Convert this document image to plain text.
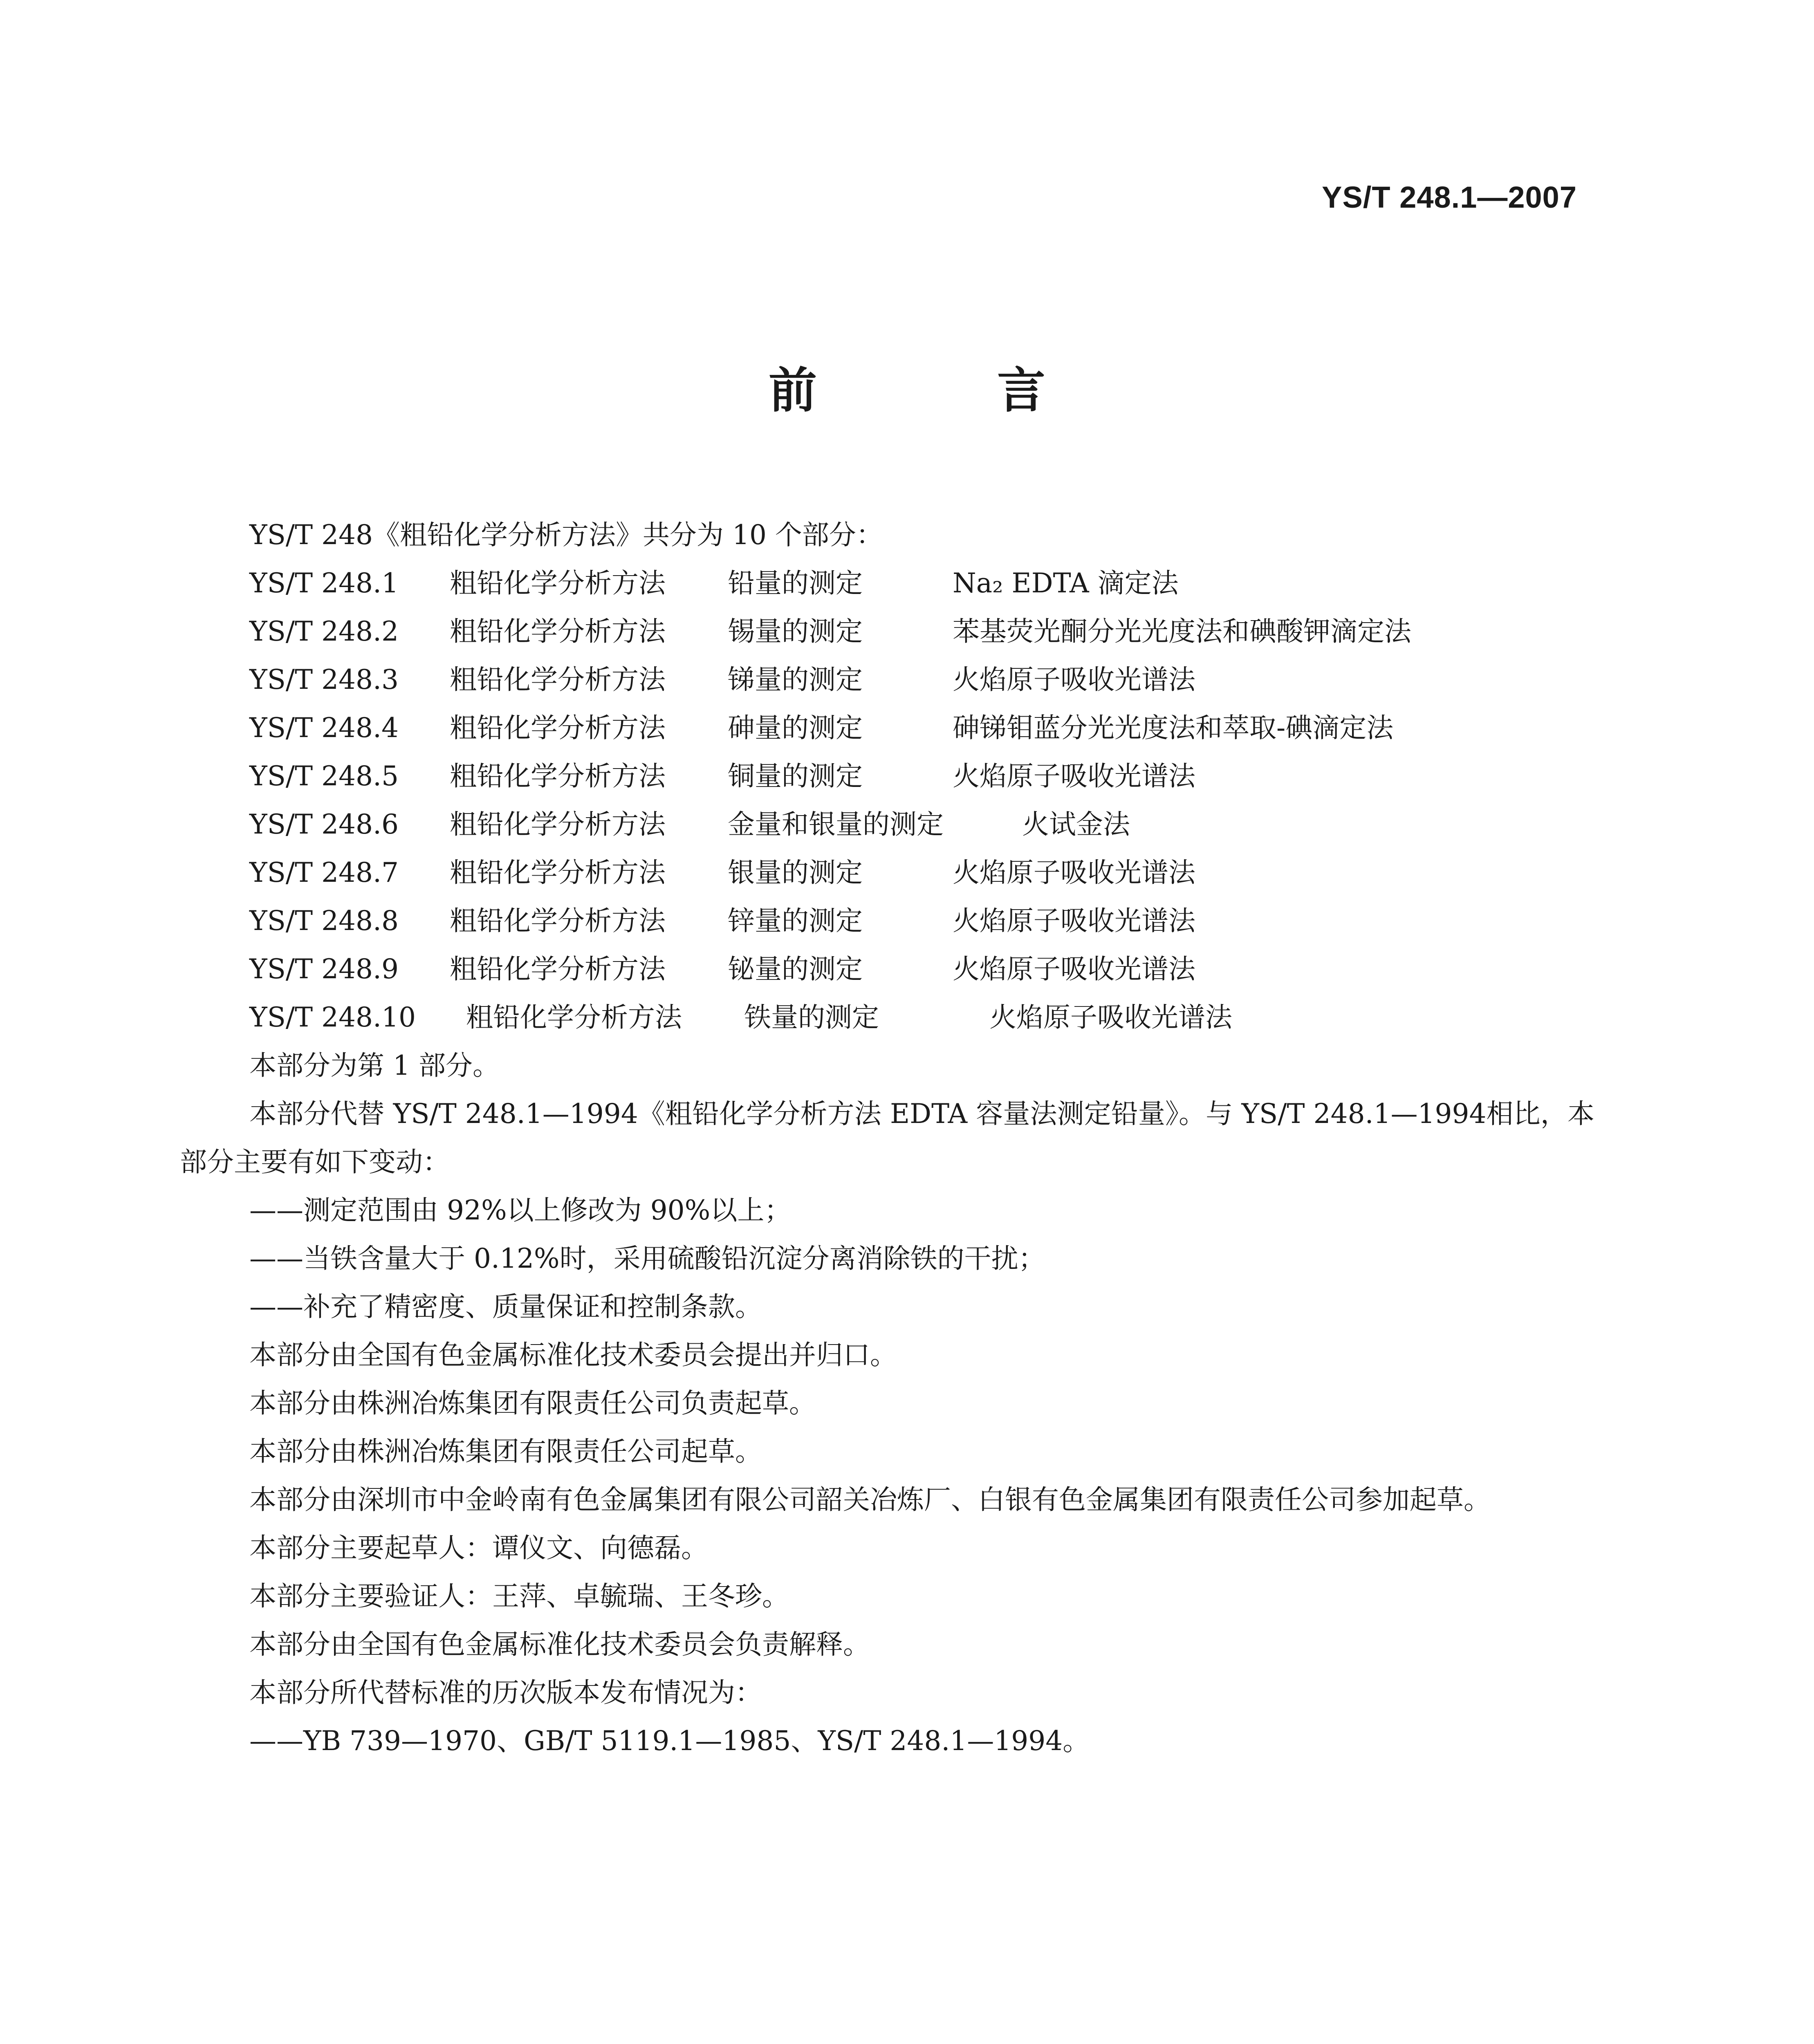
YS/T 248.1—2007
前 言

YS/T 248《粗铅化学分析方法》共分为 10 个部分：

YS/T 248.1	粗铅化学分析方法	铅量的测定	Na₂ EDTA 滴定法
YS/T 248.2	粗铅化学分析方法	锡量的测定	苯基荧光酮分光光度法和碘酸钾滴定法
YS/T 248.3	粗铅化学分析方法	锑量的测定	火焰原子吸收光谱法
YS/T 248.4	粗铅化学分析方法	砷量的测定	砷锑钼蓝分光光度法和萃取-碘滴定法
YS/T 248.5	粗铅化学分析方法	铜量的测定	火焰原子吸收光谱法
YS/T 248.6	粗铅化学分析方法	金量和银量的测定	火试金法
YS/T 248.7	粗铅化学分析方法	银量的测定	火焰原子吸收光谱法
YS/T 248.8	粗铅化学分析方法	锌量的测定	火焰原子吸收光谱法
YS/T 248.9	粗铅化学分析方法	铋量的测定	火焰原子吸收光谱法
YS/T 248.10	粗铅化学分析方法	铁量的测定	火焰原子吸收光谱法

本部分为第 1 部分。

本部分代替 YS/T 248.1—1994《粗铅化学分析方法 EDTA 容量法测定铅量》。与 YS/T 248.1—1994相比，本部分主要有如下变动：

——测定范围由 92%以上修改为 90%以上；

——当铁含量大于 0.12%时，采用硫酸铅沉淀分离消除铁的干扰；

——补充了精密度、质量保证和控制条款。

本部分由全国有色金属标准化技术委员会提出并归口。

本部分由株洲冶炼集团有限责任公司负责起草。

本部分由株洲冶炼集团有限责任公司起草。

本部分由深圳市中金岭南有色金属集团有限公司韶关冶炼厂、白银有色金属集团有限责任公司参加起草。

本部分主要起草人：谭仪文、向德磊。

本部分主要验证人：王萍、卓毓瑞、王冬珍。

本部分由全国有色金属标准化技术委员会负责解释。

本部分所代替标准的历次版本发布情况为：

——YB 739—1970、GB/T 5119.1—1985、YS/T 248.1—1994。
